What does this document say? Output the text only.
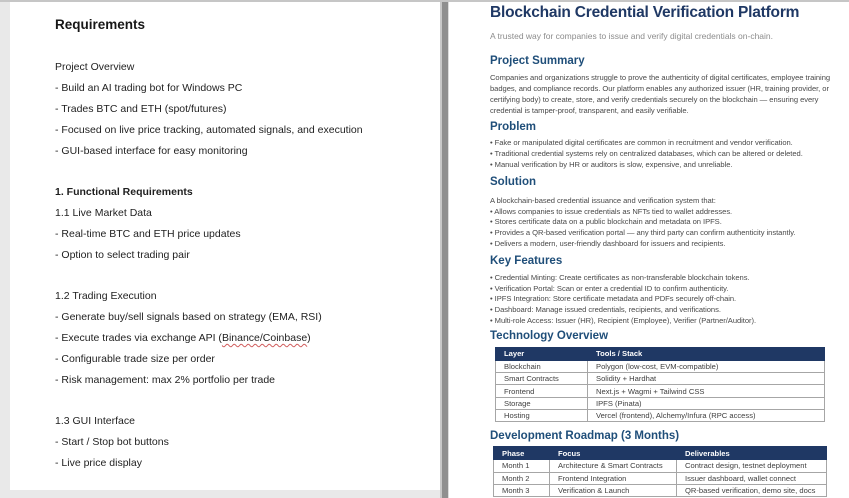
Requirements

Project Overview

- Build an AI trading bot for Windows PC

- Trades BTC and ETH (spot/futures)

- Focused on live price tracking, automated signals, and execution

- GUI-based interface for easy monitoring

1. Functional Requirements

1.1 Live Market Data

- Real-time BTC and ETH price updates

- Option to select trading pair

1.2 Trading Execution

- Generate buy/sell signals based on strategy (EMA, RSI)

- Execute trades via exchange API (Binance/Coinbase)

- Configurable trade size per order

- Risk management: max 2% portfolio per trade

1.3 GUI Interface

- Start / Stop bot buttons

- Live price display

Blockchain Credential Verification Platform

A trusted way for companies to issue and verify digital credentials on-chain.

Project Summary

Companies and organizations struggle to prove the authenticity of digital certificates, employee training

badges, and compliance records. Our platform enables any authorized issuer (HR, training provider, or

certifying body) to create, store, and verify credentials securely on the blockchain — ensuring every

credential is tamper-proof, transparent, and easily verifiable.

Problem

• Fake or manipulated digital certificates are common in recruitment and vendor verification.

• Traditional credential systems rely on centralized databases, which can be altered or deleted.

• Manual verification by HR or auditors is slow, expensive, and unreliable.

Solution

A blockchain-based credential issuance and verification system that:

• Allows companies to issue credentials as NFTs tied to wallet addresses.

• Stores certificate data on a public blockchain and metadata on IPFS.

• Provides a QR-based verification portal — any third party can confirm authenticity instantly.

• Delivers a modern, user-friendly dashboard for issuers and recipients.

Key Features

• Credential Minting: Create certificates as non-transferable blockchain tokens.

• Verification Portal: Scan or enter a credential ID to confirm authenticity.

• IPFS Integration: Store certificate metadata and PDFs securely off-chain.

• Dashboard: Manage issued credentials, recipients, and verifications.

• Multi-role Access: Issuer (HR), Recipient (Employee), Verifier (Partner/Auditor).

Technology Overview
Layer	Tools / Stack
Blockchain	Polygon (low-cost, EVM-compatible)
Smart Contracts	Solidity + Hardhat
Frontend	Next.js + Wagmi + Tailwind CSS
Storage	IPFS (Pinata)
Hosting	Vercel (frontend), Alchemy/Infura (RPC access)
Development Roadmap (3 Months)
Phase	Focus	Deliverables
Month 1	Architecture & Smart Contracts	Contract design, testnet deployment
Month 2	Frontend Integration	Issuer dashboard, wallet connect
Month 3	Verification & Launch	QR-based verification, demo site, docs
